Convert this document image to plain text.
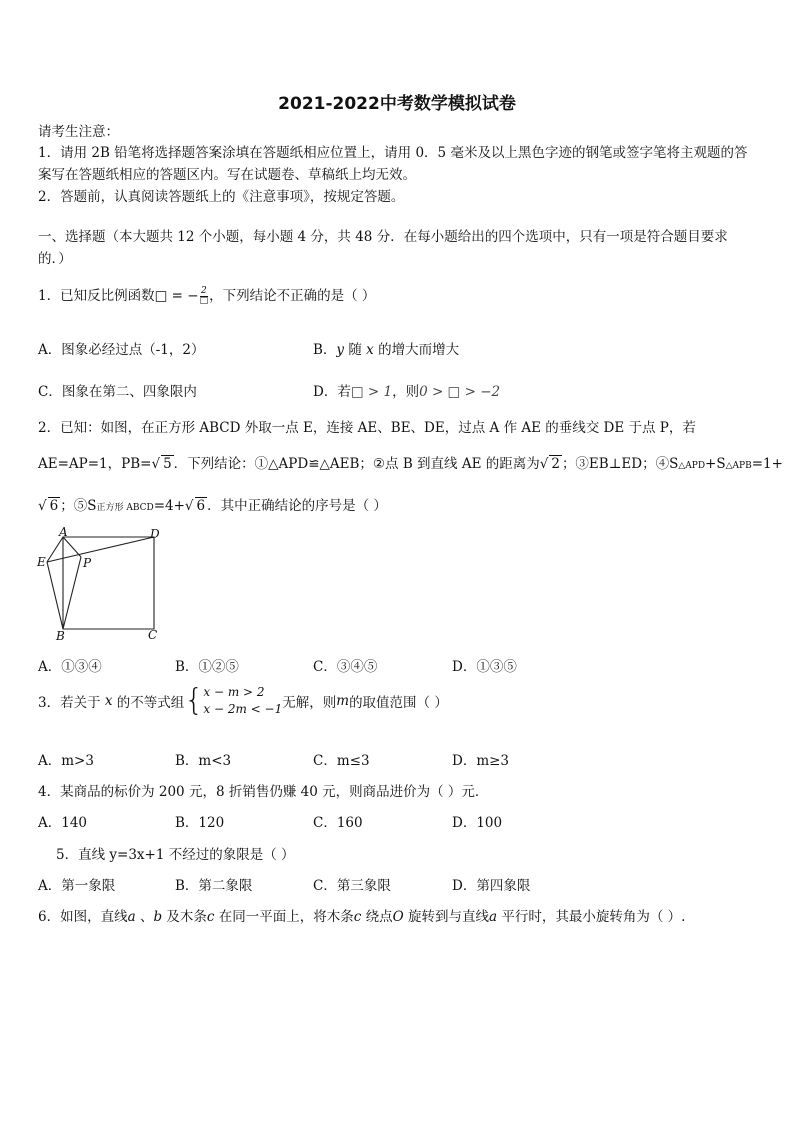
2021-2022中考数学模拟试卷
请考生注意：
1．请用 2B 铅笔将选择题答案涂填在答题纸相应位置上，请用 0．5 毫米及以上黑色字迹的钢笔或签字笔将主观题的答
案写在答题纸相应的答题区内。写在试题卷、草稿纸上均无效。
2．答题前，认真阅读答题纸上的《注意事项》，按规定答题。
一、选择题（本大题共 12 个小题，每小题 4 分，共 48 分．在每小题给出的四个选项中，只有一项是符合题目要求
的．）
1．已知反比例函数□ = − $\frac{2}{□}$ ，下列结论不正确的是（ ）
A．图象必经过点（-1，2）	B．y 随 x 的增大而增大
C．图象在第二、四象限内	D．若□ > 1，则0 > □ > −2
2．已知：如图，在正方形 ABCD 外取一点 E，连接 AE、BE、DE，过点 A 作 AE 的垂线交 DE 于点 P，若
AE=AP=1，PB=√ 5 ．下列结论：①△APD≌△AEB；②点 B 到直线 AE 的距离为√ 2 ；③EB⊥ED；④S△APD+S△APB=1+
√ 6 ；⑤S正方形 ABCD=4+√ 6 ．其中正确结论的序号是（ ）
A	D
E	P
B	C
A．①③④	B．①②⑤	C．③④⑤	D．①③⑤
3．若关于 x 的不等式组{ x − m > 2
x − 2m < −1 无解，则m的取值范围（ ）
A．m>3	B．m<3	C．m≤3	D．m≥3
4．某商品的标价为 200 元，8 折销售仍赚 40 元，则商品进价为（ ）元．
A．140	B．120	C．160	D．100
5．直线 y=3x+1 不经过的象限是（ ）
A．第一象限	B．第二象限	C．第三象限	D．第四象限
6．如图，直线a 、b 及木条c 在同一平面上，将木条c 绕点O 旋转到与直线a 平行时，其最小旋转角为（ ）.
